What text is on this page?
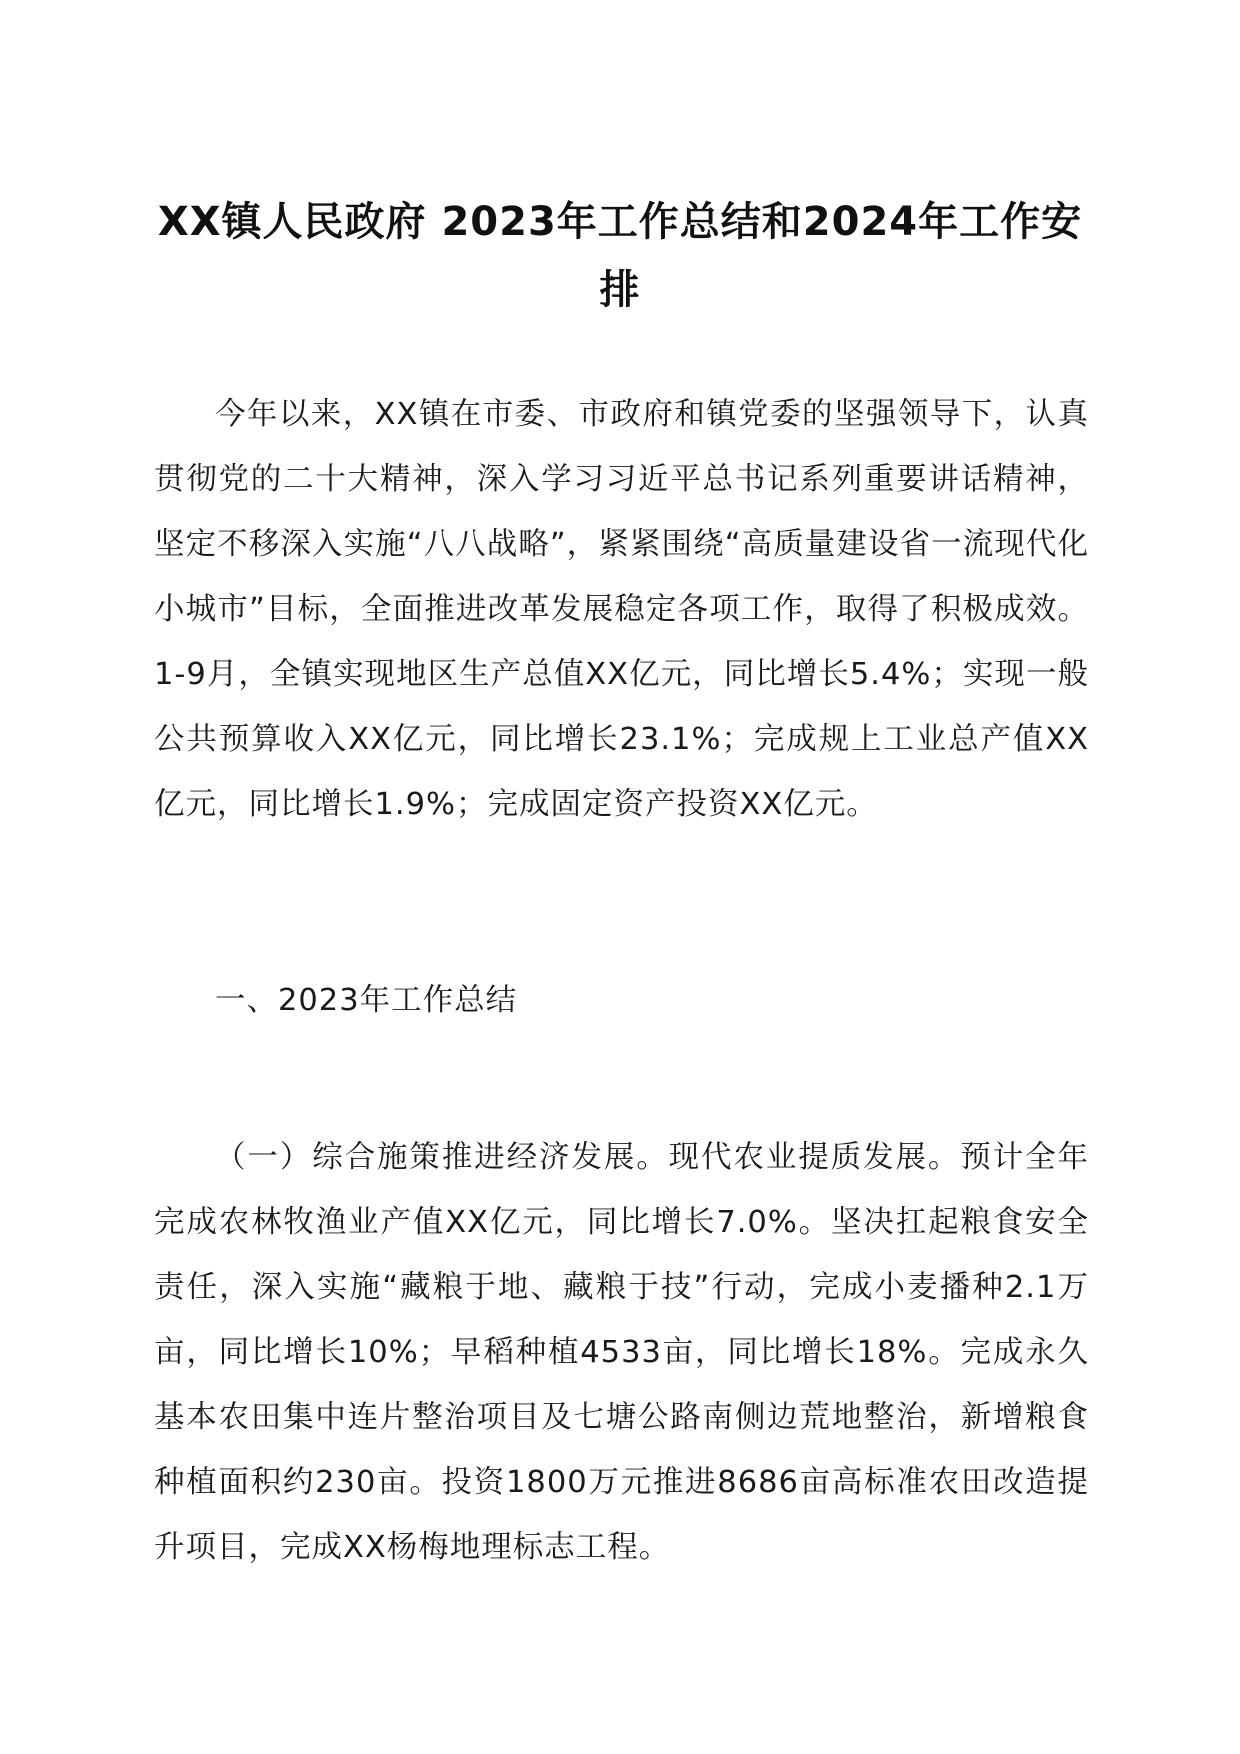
XX镇人民政府 2023年工作总结和2024年工作安排

今年以来，XX镇在市委、市政府和镇党委的坚强领导下，认真贯彻党的二十大精神，深入学习习近平总书记系列重要讲话精神，坚定不移深入实施“八八战略”，紧紧围绕“高质量建设省一流现代化小城市”目标，全面推进改革发展稳定各项工作，取得了积极成效。1-9月，全镇实现地区生产总值XX亿元，同比增长5.4%；实现一般公共预算收入XX亿元，同比增长23.1%；完成规上工业总产值XX亿元，同比增长1.9%；完成固定资产投资XX亿元。

一、2023年工作总结

（一）综合施策推进经济发展。现代农业提质发展。预计全年完成农林牧渔业产值XX亿元，同比增长7.0%。坚决扛起粮食安全责任，深入实施“藏粮于地、藏粮于技”行动，完成小麦播种2.1万亩，同比增长10%；早稻种植4533亩，同比增长18%。完成永久基本农田集中连片整治项目及七塘公路南侧边荒地整治，新增粮食种植面积约230亩。投资1800万元推进8686亩高标准农田改造提升项目，完成XX杨梅地理标志工程。
